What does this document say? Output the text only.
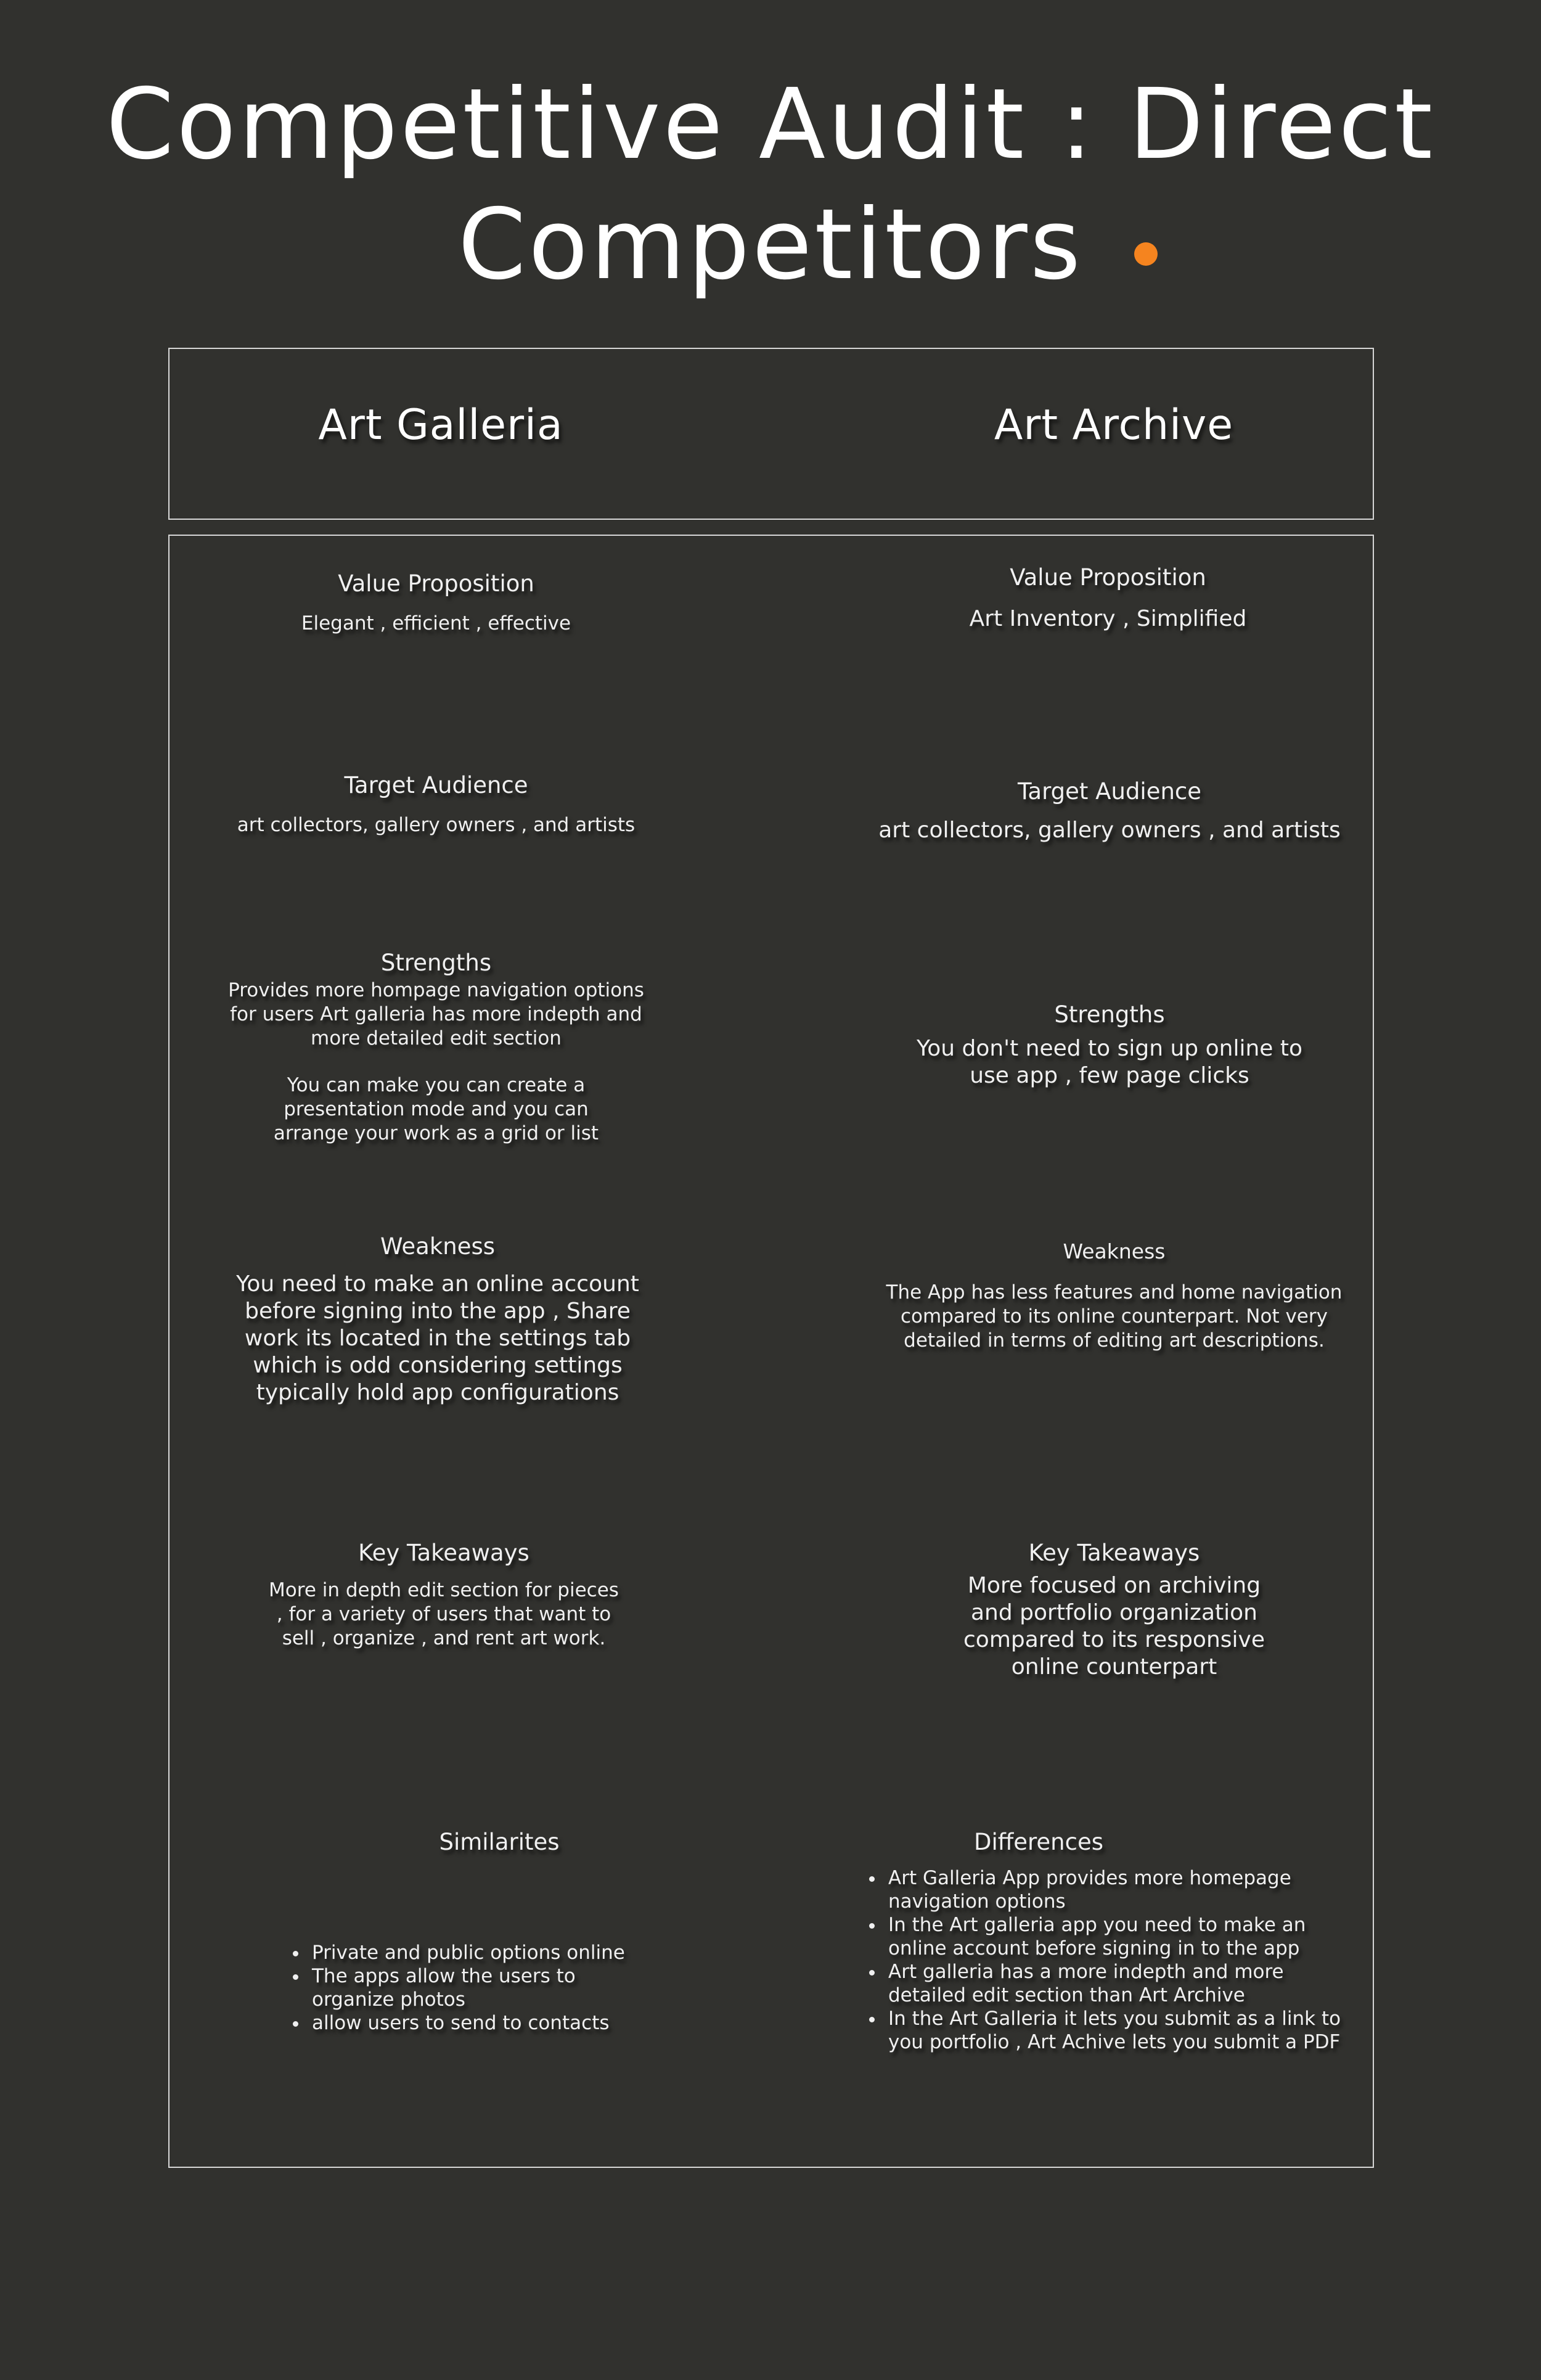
Competitive Audit : Direct
Competitors
Art Galleria	Art Archive
Value Proposition
Elegant , efficient , effective
Target Audience
art collectors, gallery owners , and artists
Strengths
Provides more hompage navigation options for users Art galleria has more indepth and more detailed edit section
You can make you can create a presentation mode and you can arrange your work as a grid or list
Weakness
You need to make an online account before signing into the app , Share work its located in the settings tab which is odd considering settings typically hold app configurations
Key Takeaways
More in depth edit section for pieces , for a variety of users that want to sell , organize , and rent art work.
Similarites
• Private and public options online
• The apps allow the users to organize photos
• allow users to send to contacts
Value Proposition
Art Inventory , Simplified
Target Audience
art collectors, gallery owners , and artists
Strengths
You don't need to sign up online to use app , few page clicks
Weakness
The App has less features and home navigation compared to its online counterpart. Not very detailed in terms of editing art descriptions.
Key Takeaways
More focused on archiving and portfolio organization compared to its responsive online counterpart
Differences
• Art Galleria App provides more homepage navigation options
• In the Art galleria app you need to make an online account before signing in to the app
• Art galleria has a more indepth and more detailed edit section than Art Archive
• In the Art Galleria it lets you submit as a link to you portfolio , Art Achive lets you submit a PDF
